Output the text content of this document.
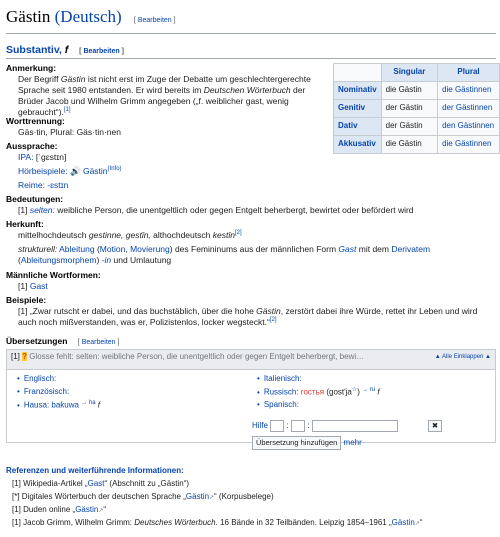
Gästin (Deutsch) [ Bearbeiten ]
Substantiv, f [ Bearbeiten ]
Anmerkung:
Der Begriff Gästin ist nicht erst im Zuge der Debatte um geschlechtergerechte Sprache seit 1980 entstanden. Er wird bereits im Deutschen Wörterbuch der Brüder Jacob und Wilhelm Grimm angegeben („f. weiblicher gast, wenig gebraucht“).[1]
	Singular	Plural
Nominativ	die Gästin	die Gästinnen
Genitiv	der Gästin	der Gästinnen
Dativ	der Gästin	den Gästinnen
Akkusativ	die Gästin	die Gästinnen
Worttrennung:
Gäs·tin, Plural: Gäs·tin·nen
Aussprache:
IPA: [ˈɡɛstɪn]
Hörbeispiele: 🔊 Gästin$^{(Info)}$
Reime: -ɛstɪn
Bedeutungen:
[1] selten: weibliche Person, die unentgeltlich oder gegen Entgelt beherbergt, bewirtet oder befördert wird
Herkunft:
mittelhochdeutsch gestinne, gestīn, althochdeutsch kestīn[2]
strukturell: Ableitung (Motion, Movierung) des Femininums aus der männlichen Form Gast mit dem Derivatem
(Ableitungsmorphem) -in und Umlautung
Männliche Wortformen:
[1] Gast
Beispiele:
[1] „Zwar rutscht er dabei, und das buchstäblich, über die hohe Gästin, zerstört dabei ihre Würde, rettet ihr Leben und wird auch noch mißverstanden, was er, Polizistenlos, locker wegsteckt.“[2]
Übersetzungen [ Bearbeiten ]
[1] ? Glosse fehlt: selten: weibliche Person, die unentgeltlich oder gegen Entgelt beherbergt, bewi…	▲ Alle Einklappen ▲
• Englisch:
• Französisch:
• Hausa: baƙuwa $^{\to ha}$ f
• Italienisch:
• Russisch: гостья (gostʹja☆) $^{\to ru}$ f
• Spanisch:
Hilfe : :	✖
Übersetzung hinzufügen mehr
Referenzen und weiterführende Informationen:
[1] Wikipedia-Artikel „Gast“ (Abschnitt zu „Gästin“)
[*] Digitales Wörterbuch der deutschen Sprache „Gästin↗“ (Korpusbelege)
[1] Duden online „Gästin↗“
[1] Jacob Grimm, Wilhelm Grimm: Deutsches Wörterbuch. 16 Bände in 32 Teilbänden. Leipzig 1854–1961 „Gästin↗“
